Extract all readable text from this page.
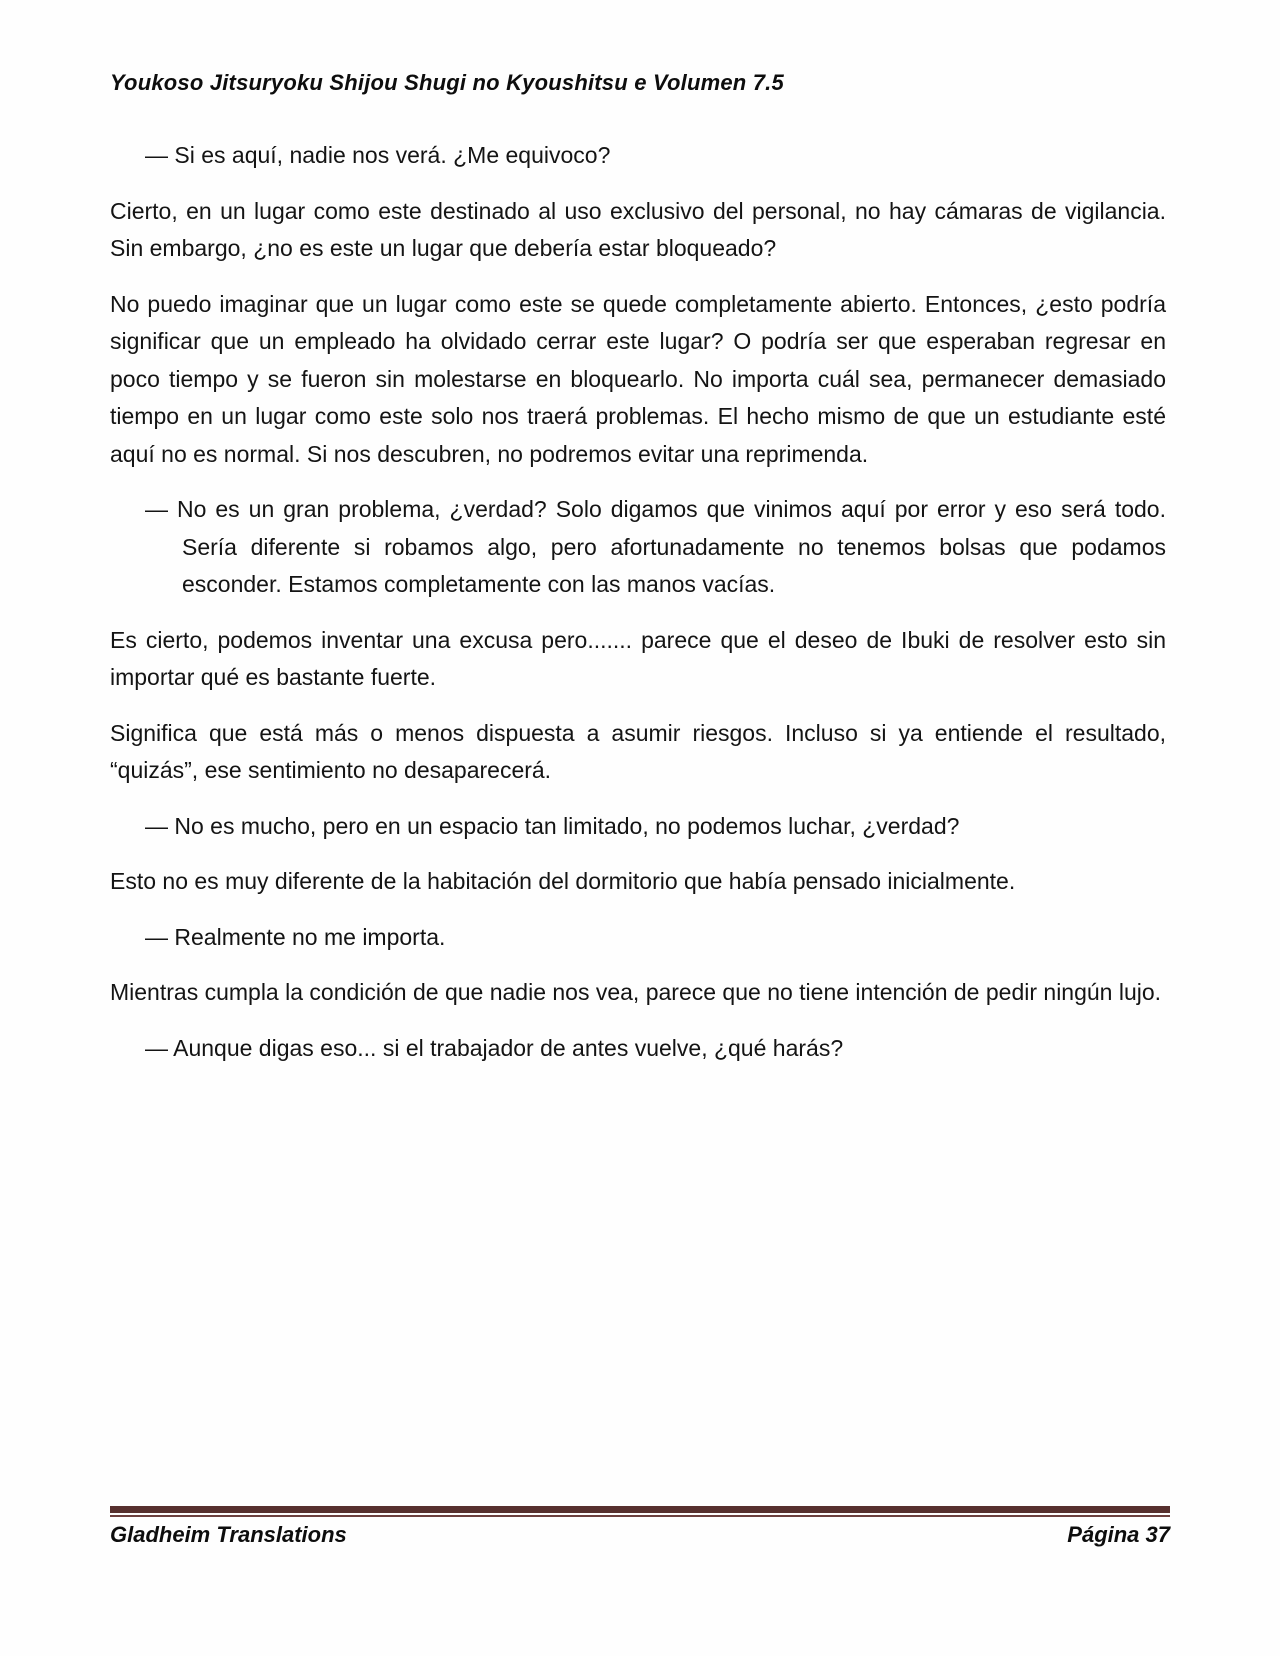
Youkoso Jitsuryoku Shijou Shugi no Kyoushitsu e Volumen 7.5
— Si es aquí, nadie nos verá. ¿Me equivoco?
Cierto, en un lugar como este destinado al uso exclusivo del personal, no hay cámaras de vigilancia. Sin embargo, ¿no es este un lugar que debería estar bloqueado?
No puedo imaginar que un lugar como este se quede completamente abierto. Entonces, ¿esto podría significar que un empleado ha olvidado cerrar este lugar? O podría ser que esperaban regresar en poco tiempo y se fueron sin molestarse en bloquearlo. No importa cuál sea, permanecer demasiado tiempo en un lugar como este solo nos traerá problemas. El hecho mismo de que un estudiante esté aquí no es normal. Si nos descubren, no podremos evitar una reprimenda.
— No es un gran problema, ¿verdad? Solo digamos que vinimos aquí por error y eso será todo. Sería diferente si robamos algo, pero afortunadamente no tenemos bolsas que podamos esconder. Estamos completamente con las manos vacías.
Es cierto, podemos inventar una excusa pero....... parece que el deseo de Ibuki de resolver esto sin importar qué es bastante fuerte.
Significa que está más o menos dispuesta a asumir riesgos. Incluso si ya entiende el resultado, “quizás”, ese sentimiento no desaparecerá.
— No es mucho, pero en un espacio tan limitado, no podemos luchar, ¿verdad?
Esto no es muy diferente de la habitación del dormitorio que había pensado inicialmente.
— Realmente no me importa.
Mientras cumpla la condición de que nadie nos vea, parece que no tiene intención de pedir ningún lujo.
— Aunque digas eso... si el trabajador de antes vuelve, ¿qué harás?
Gladheim Translations	Página 37
